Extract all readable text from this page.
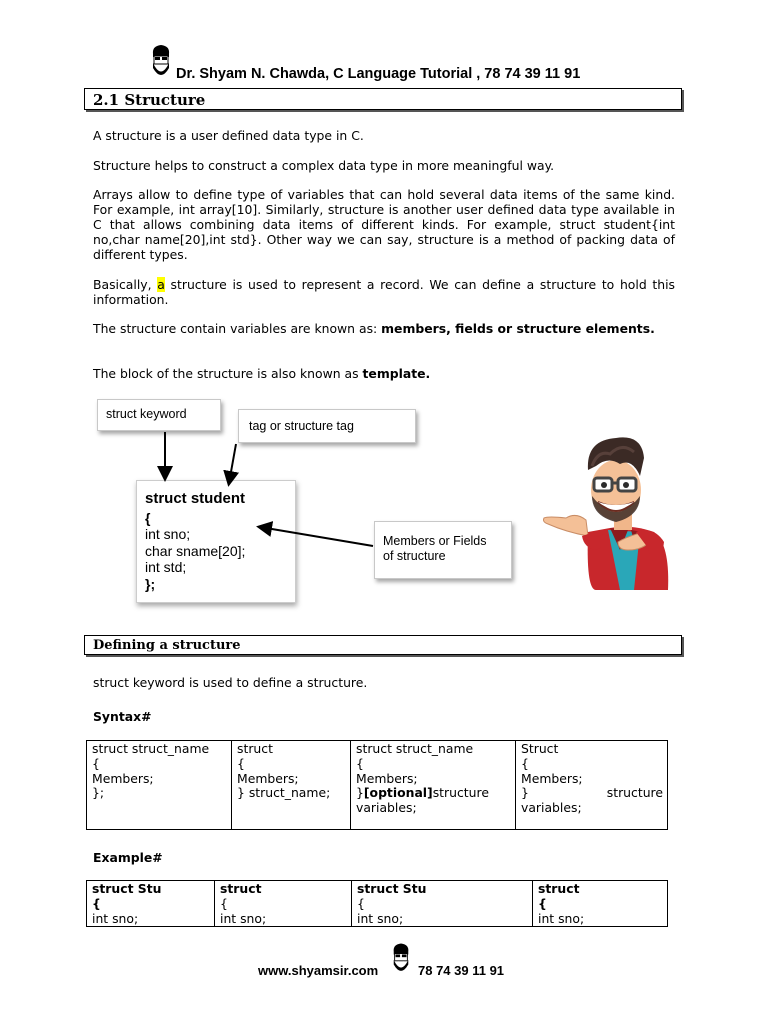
Dr. Shyam N. Chawda, C Language Tutorial , 78 74 39 11 91
2.1 Structure
A structure is a user defined data type in C.
Structure helps to construct a complex data type in more meaningful way.
Arrays allow to define type of variables that can hold several data items of the same kind. For example, int array[10]. Similarly, structure is another user defined data type available in C that allows combining data items of different kinds. For example, struct student{int no,char name[20],int std}. Other way we can say, structure is a method of packing data of different types.
Basically, a structure is used to represent a record. We can define a structure to hold this information.
The structure contain variables are known as: members, fields or structure elements.
The block of the structure is also known as template.
struct keyword
tag or structure tag
Members or Fields
of structure
struct student
{
int sno;
char sname[20];
int std;
};
Defining a structure
struct keyword is used to define a structure.
Syntax#
struct struct_name
{
Members;
};

struct
{
Members;
} struct_name;

struct struct_name
{
Members;
}[optional]structure variables;

Struct
{
Members;
}	structure
variables;
Example#
struct Stu
{
int sno;

struct
{
int sno;

struct Stu
{
int sno;

struct
{
int sno;
www.shyamsir.com	78 74 39 11 91
